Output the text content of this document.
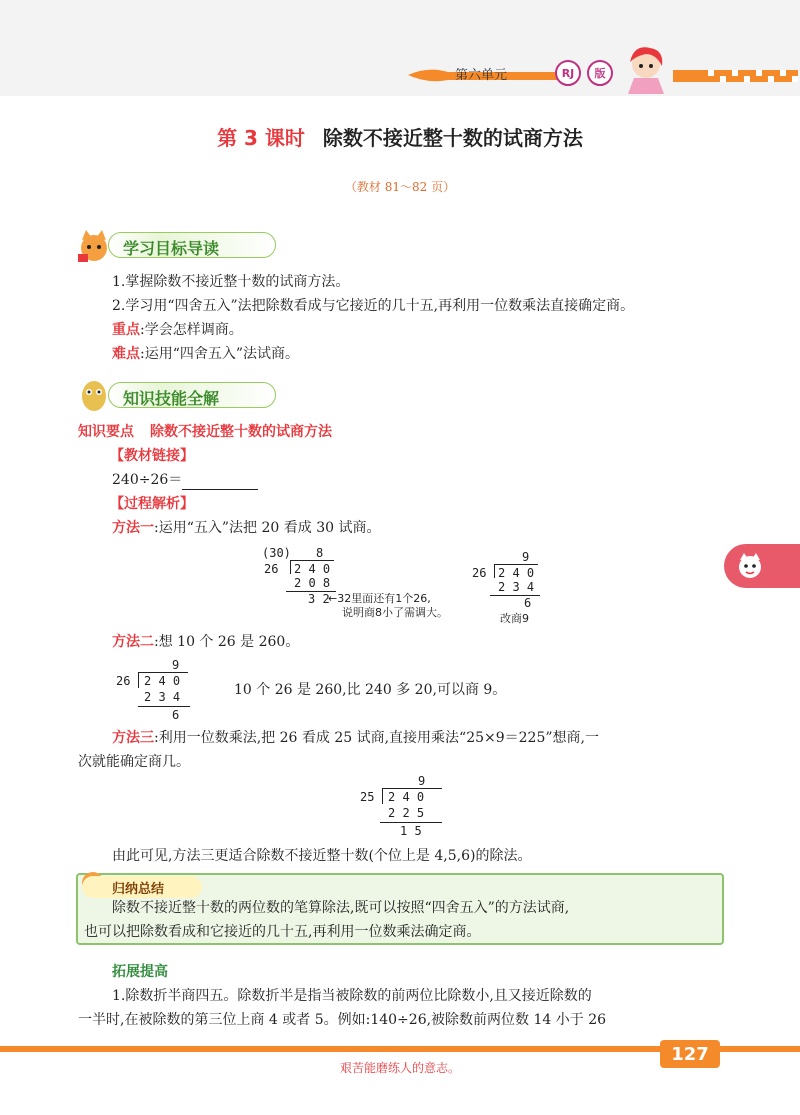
第六单元	RJ	版
第 3 课时 除数不接近整十数的试商方法
（教材 81～82 页）
学习目标导读
1.掌握除数不接近整十数的试商方法。
2.学习用“四舍五入”法把除数看成与它接近的几十五,再利用一位数乘法直接确定商。
重点:学会怎样调商。
难点:运用“四舍五入”法试商。
知识技能全解
知识要点 除数不接近整十数的试商方法
【教材链接】
240÷26＝
【过程解析】
方法一:运用“五入”法把 20 看成 30 试商。
(30) 8
26 2 4 0
2 0 8
3 2
←32里面还有1个26,
说明商8小了需调大。
9
26 2 4 0
2 3 4
6
改商9
方法二:想 10 个 26 是 260。
9
26 2 4 0
2 3 4
6
10 个 26 是 260,比 240 多 20,可以商 9。
方法三:利用一位数乘法,把 26 看成 25 试商,直接用乘法“25×9＝225”想商,一
次就能确定商几。
9
25 2 4 0
2 2 5
1 5
由此可见,方法三更适合除数不接近整十数(个位上是 4,5,6)的除法。
归纳总结
除数不接近整十数的两位数的笔算除法,既可以按照“四舍五入”的方法试商,
也可以把除数看成和它接近的几十五,再利用一位数乘法确定商。
拓展提高
1.除数折半商四五。除数折半是指当被除数的前两位比除数小,且又接近除数的
一半时,在被除数的第三位上商 4 或者 5。例如:140÷26,被除数前两位数 14 小于 26
艰苦能磨练人的意志。
127
